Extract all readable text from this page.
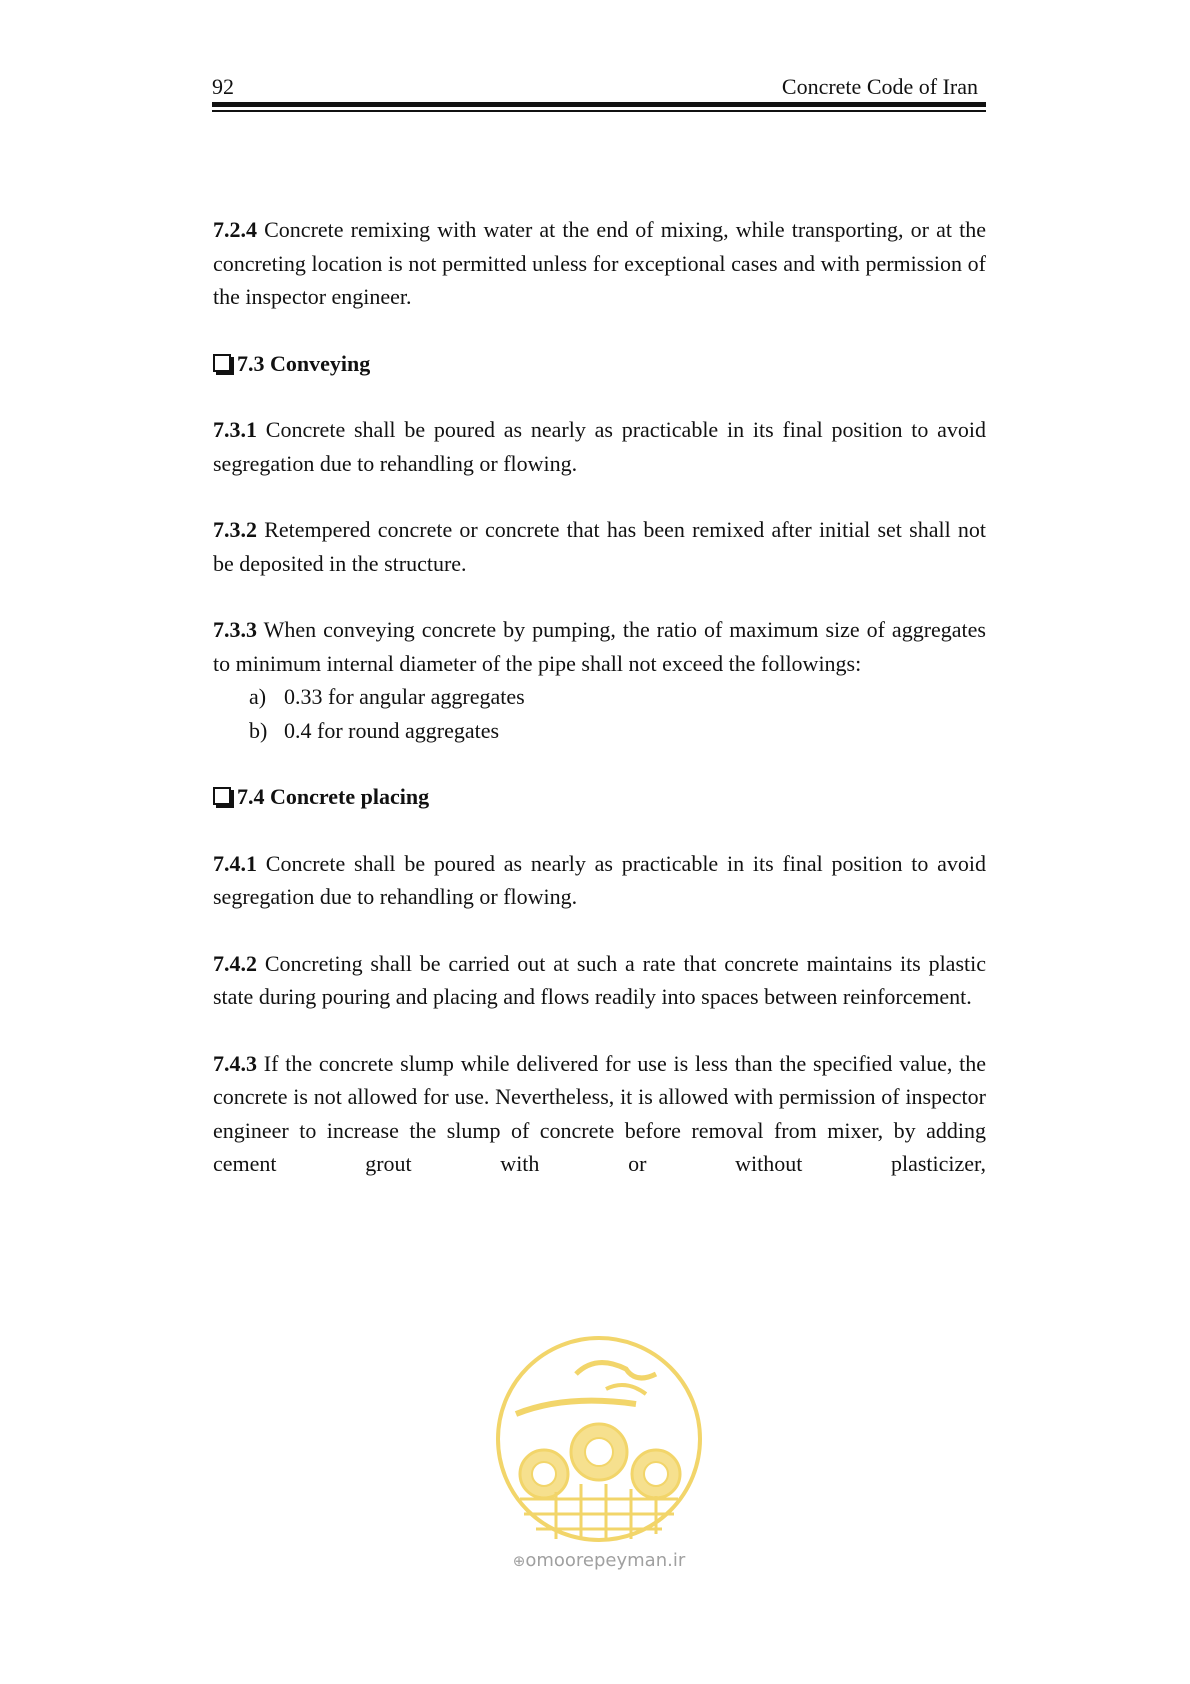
92	Concrete Code of Iran

7.2.4 Concrete remixing with water at the end of mixing, while transporting, or at the concreting location is not permitted unless for exceptional cases and with permission of the inspector engineer.

7.3 Conveying

7.3.1 Concrete shall be poured as nearly as practicable in its final position to avoid segregation due to rehandling or flowing.

7.3.2 Retempered concrete or concrete that has been remixed after initial set shall not be deposited in the structure.

7.3.3 When conveying concrete by pumping, the ratio of maximum size of aggregates to minimum internal diameter of the pipe shall not exceed the followings:

a) 0.33 for angular aggregates
b) 0.4 for round aggregates
7.4 Concrete placing

7.4.1 Concrete shall be poured as nearly as practicable in its final position to avoid segregation due to rehandling or flowing.

7.4.2 Concreting shall be carried out at such a rate that concrete maintains its plastic state during pouring and placing and flows readily into spaces between reinforcement.

7.4.3 If the concrete slump while delivered for use is less than the specified value, the concrete is not allowed for use. Nevertheless, it is allowed with permission of inspector engineer to increase the slump of concrete before removal from mixer, by adding cement grout with or without plasticizer,

⊕omoorepeyman.ir
